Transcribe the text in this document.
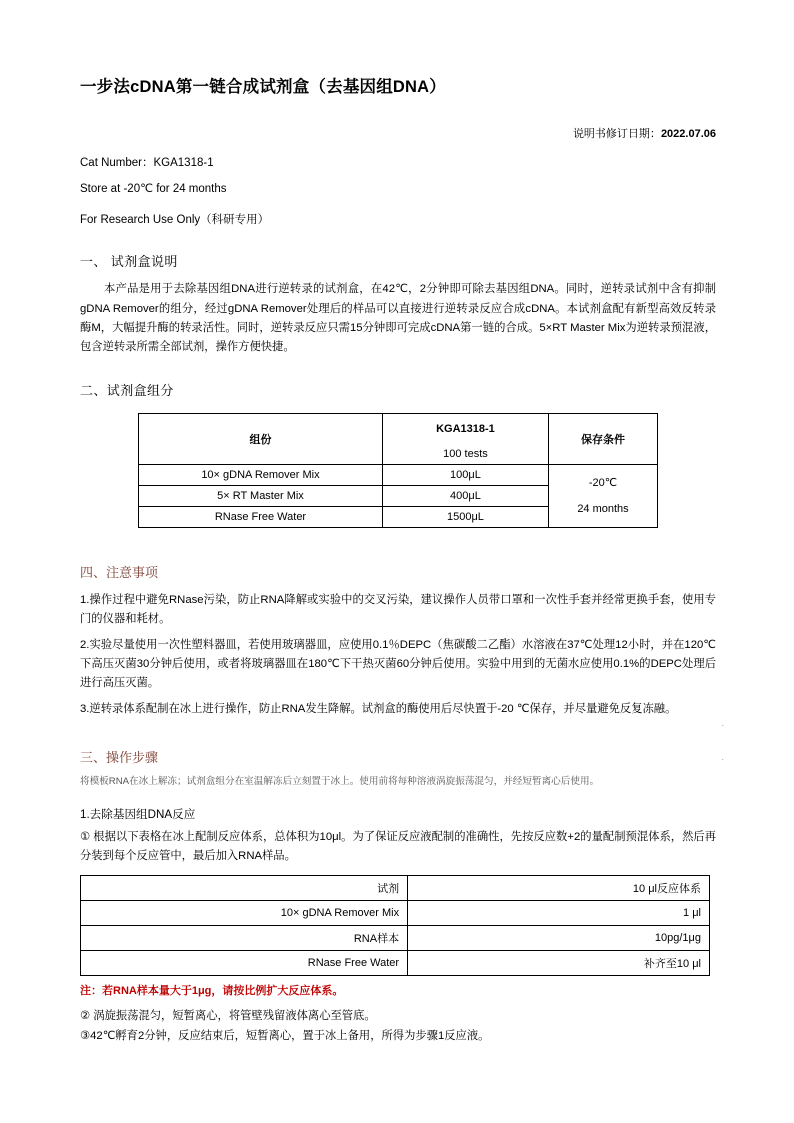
一步法cDNA第一链合成试剂盒（去基因组DNA）
说明书修订日期：2022.07.06
Cat Number：KGA1318-1
Store at -20℃ for 24 months
For Research Use Only（科研专用）
一、 试剂盒说明

本产品是用于去除基因组DNA进行逆转录的试剂盒，在42℃，2分钟即可除去基因组DNA。同时，逆转录试剂中含有抑制gDNA Remover的组分，经过gDNA Remover处理后的样品可以直接进行逆转录反应合成cDNA。本试剂盒配有新型高效反转录酶M，大幅提升酶的转录活性。同时，逆转录反应只需15分钟即可完成cDNA第一链的合成。5×RT Master Mix为逆转录预混液，包含逆转录所需全部试剂，操作方便快捷。

二、试剂盒组分
组份	KGA1318-1	保存条件
	100 tests	
10× gDNA Remover Mix	100μL	-20℃
24 months

5× RT Master Mix	400μL	
RNase Free Water	1500μL	
四、注意事项

1.操作过程中避免RNase污染，防止RNA降解或实验中的交叉污染，建议操作人员带口罩和一次性手套并经常更换手套，使用专门的仪器和耗材。

2.实验尽量使用一次性塑料器皿，若使用玻璃器皿，应使用0.1％DEPC（焦碳酸二乙酯）水溶液在37℃处理12小时，并在120℃下高压灭菌30分钟后使用，或者将玻璃器皿在180℃下干热灭菌60分钟后使用。实验中用到的无菌水应使用0.1%的DEPC处理后进行高压灭菌。

3.逆转录体系配制在冰上进行操作，防止RNA发生降解。试剂盒的酶使用后尽快置于-20 ℃保存，并尽量避免反复冻融。

三、操作步骤

将模板RNA在冰上解冻；试剂盒组分在室温解冻后立刻置于冰上。使用前将每种溶液涡旋振荡混匀，并经短暂离心后使用。

1.去除基因组DNA反应

① 根据以下表格在冰上配制反应体系，总体积为10μl。为了保证反应液配制的准确性，先按反应数+2的量配制预混体系，然后再分装到每个反应管中，最后加入RNA样品。

试剂	10 μl反应体系
10× gDNA Remover Mix	1 μl
RNA样本	10pg/1μg
RNase Free Water	补齐至10 μl

注：若RNA样本量大于1μg，请按比例扩大反应体系。

② 涡旋振荡混匀，短暂离心，将管壁残留液体离心至管底。

③42℃孵育2分钟，反应结束后，短暂离心，置于冰上备用，所得为步骤1反应液。

.
.
